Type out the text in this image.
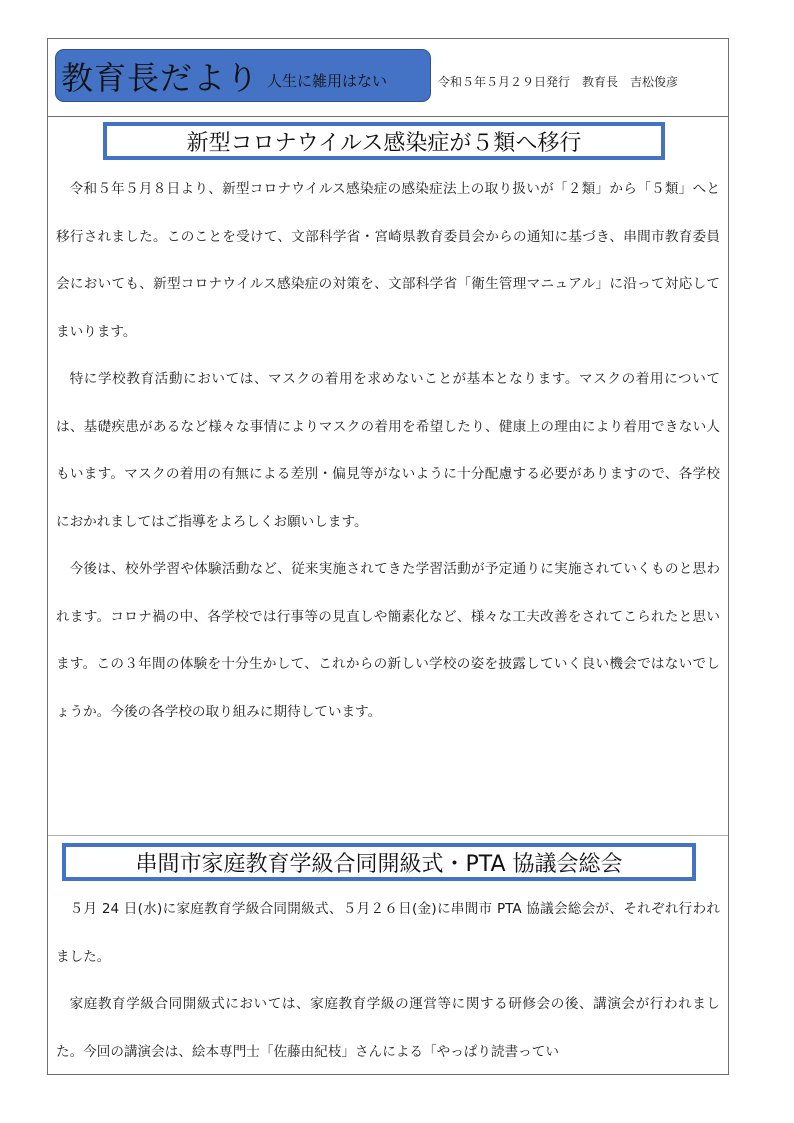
教育長だより 人生に雑用はない	令和５年５月２９日発行　教育長　吉松俊彦
新型コロナウイルス感染症が５類へ移行

令和５年５月８日より、新型コロナウイルス感染症の感染症法上の取り扱いが「２類」から「５類」へと移行されました。このことを受けて、文部科学省・宮崎県教育委員会からの通知に基づき、串間市教育委員会においても、新型コロナウイルス感染症の対策を、文部科学省「衛生管理マニュアル」に沿って対応してまいります。

特に学校教育活動においては、マスクの着用を求めないことが基本となります。マスクの着用については、基礎疾患があるなど様々な事情によりマスクの着用を希望したり、健康上の理由により着用できない人もいます。マスクの着用の有無による差別・偏見等がないように十分配慮する必要がありますので、各学校におかれましてはご指導をよろしくお願いします。

今後は、校外学習や体験活動など、従来実施されてきた学習活動が予定通りに実施されていくものと思われます。コロナ禍の中、各学校では行事等の見直しや簡素化など、様々な工夫改善をされてこられたと思います。この３年間の体験を十分生かして、これからの新しい学校の姿を披露していく良い機会ではないでしょうか。今後の各学校の取り組みに期待しています。

串間市家庭教育学級合同開級式・PTA 協議会総会

５月 24 日(水)に家庭教育学級合同開級式、５月２６日(金)に串間市 PTA 協議会総会が、それぞれ行われました。

家庭教育学級合同開級式においては、家庭教育学級の運営等に関する研修会の後、講演会が行われました。今回の講演会は、絵本専門士「佐藤由紀枝」さんによる「やっぱり読書ってい
